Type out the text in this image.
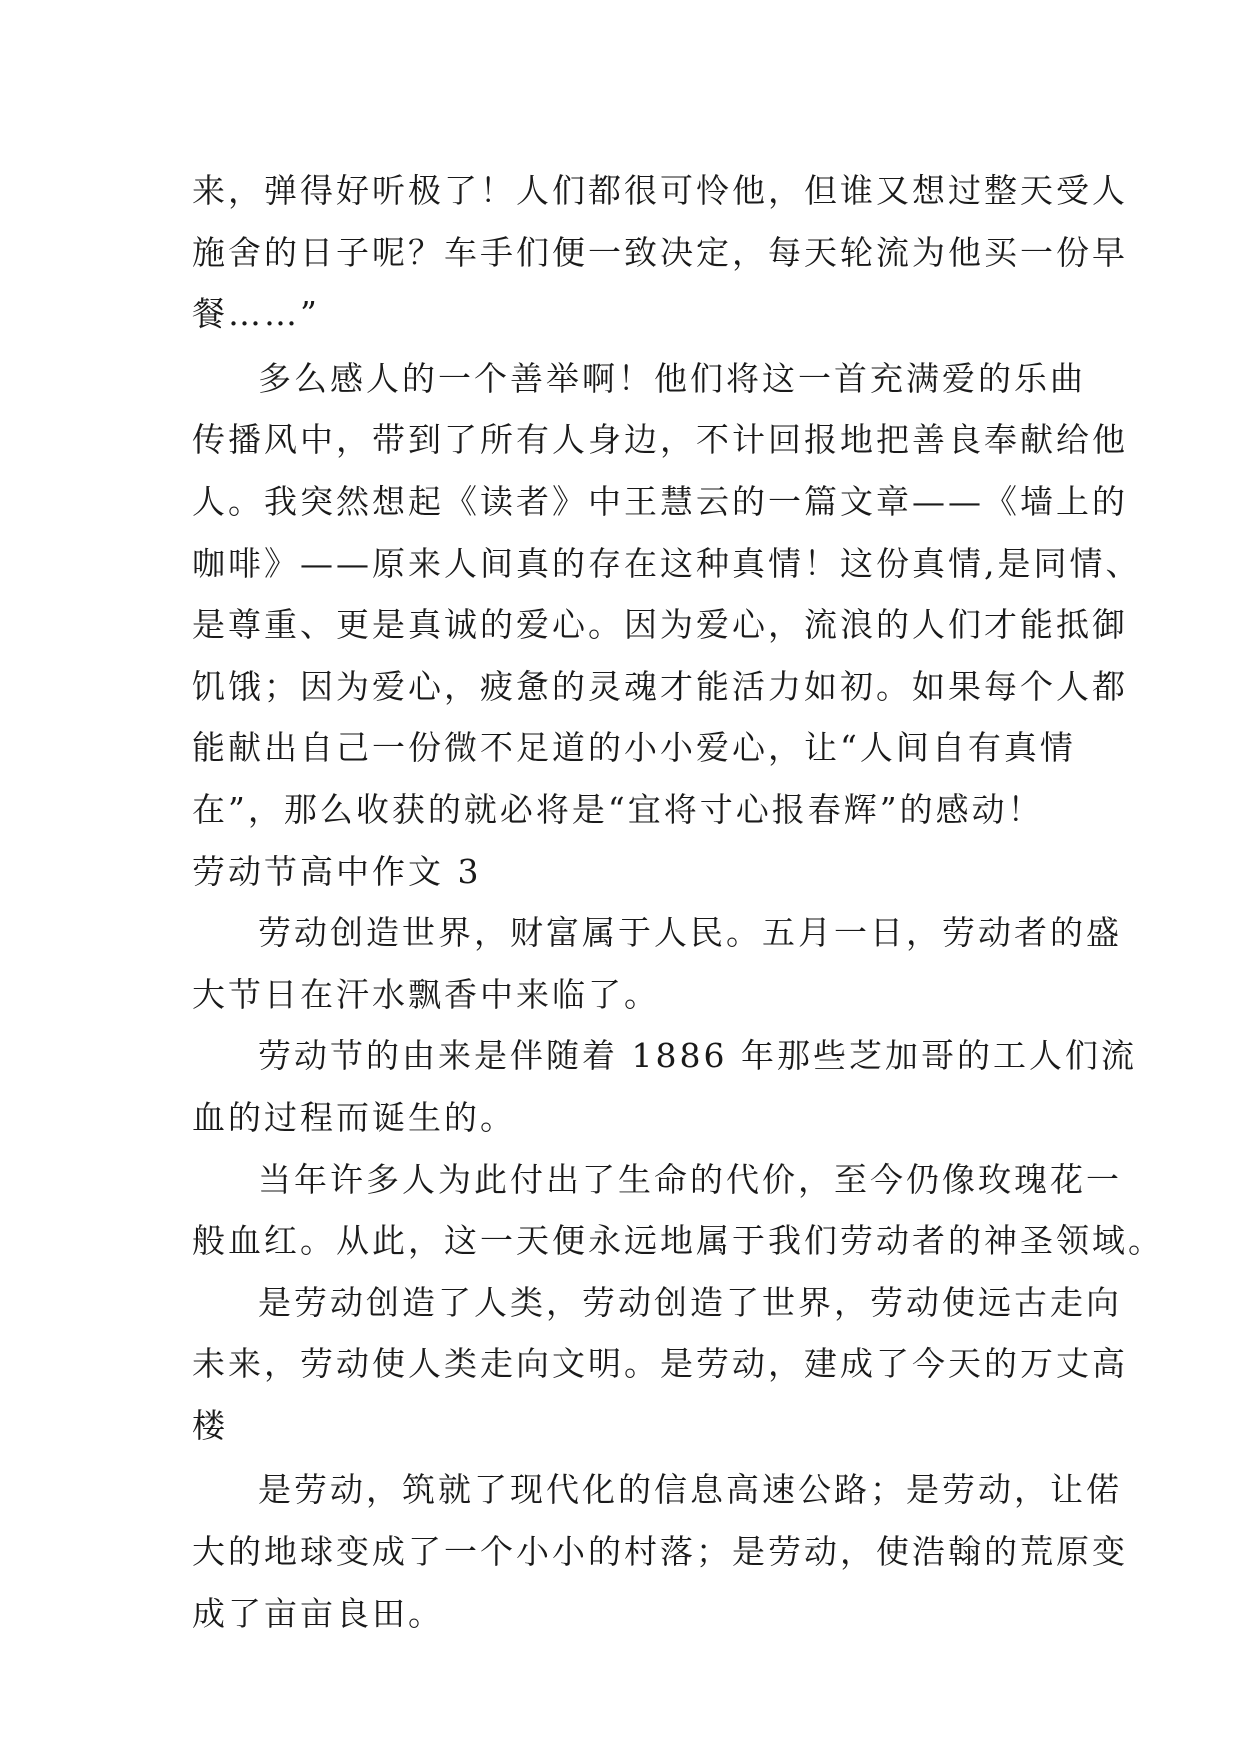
来，弹得好听极了！人们都很可怜他，但谁又想过整天受人
施舍的日子呢？车手们便一致决定，每天轮流为他买一份早
餐……”
多么感人的一个善举啊！他们将这一首充满爱的乐曲
传播风中，带到了所有人身边，不计回报地把善良奉献给他
人。我突然想起《读者》中王慧云的一篇文章——《墙上的
咖啡》——原来人间真的存在这种真情！这份真情,是同情、
是尊重、更是真诚的爱心。因为爱心，流浪的人们才能抵御
饥饿；因为爱心，疲惫的灵魂才能活力如初。如果每个人都
能献出自己一份微不足道的小小爱心，让“人间自有真情
在”，那么收获的就必将是“宜将寸心报春辉”的感动！
劳动节高中作文 3
劳动创造世界，财富属于人民。五月一日，劳动者的盛
大节日在汗水飘香中来临了。
劳动节的由来是伴随着 1886 年那些芝加哥的工人们流
血的过程而诞生的。
当年许多人为此付出了生命的代价，至今仍像玫瑰花一
般血红。从此，这一天便永远地属于我们劳动者的神圣领域。
是劳动创造了人类，劳动创造了世界，劳动使远古走向
未来，劳动使人类走向文明。是劳动，建成了今天的万丈高
楼
是劳动，筑就了现代化的信息高速公路；是劳动，让偌
大的地球变成了一个小小的村落；是劳动，使浩翰的荒原变
成了亩亩良田。
